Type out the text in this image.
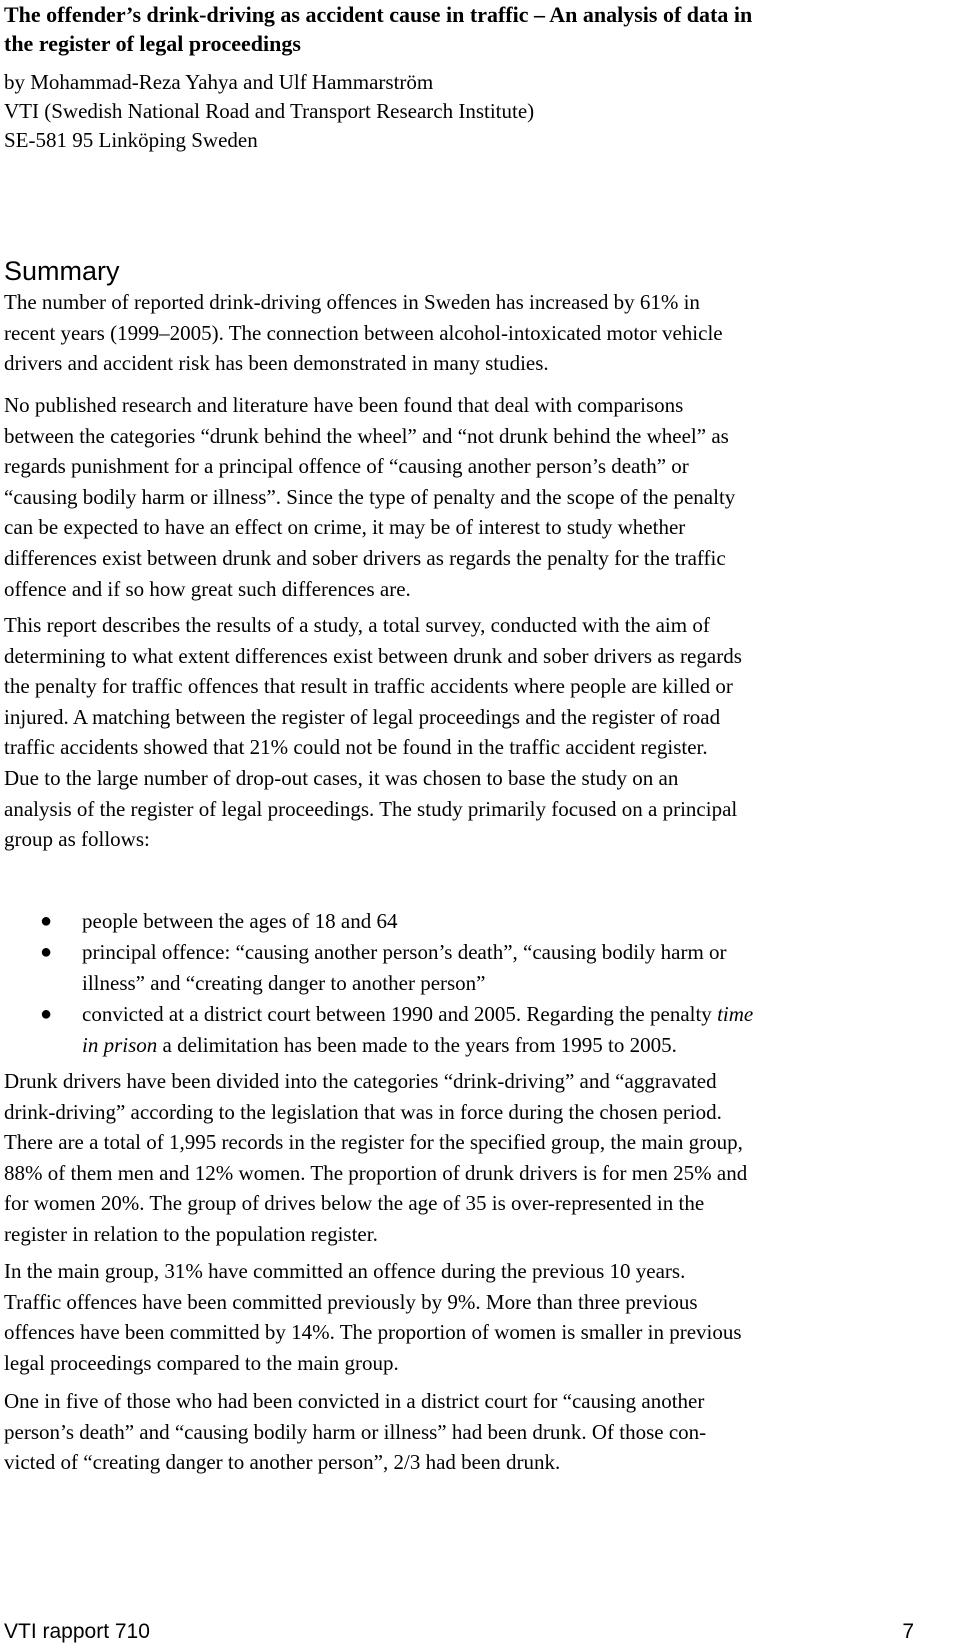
The offender’s drink-driving as accident cause in traffic – An analysis of data in
the register of legal proceedings
by Mohammad-Reza Yahya and Ulf Hammarström
VTI (Swedish National Road and Transport Research Institute)
SE-581 95 Linköping Sweden
Summary

The number of reported drink-driving offences in Sweden has increased by 61% in
recent years (1999–2005). The connection between alcohol-intoxicated motor vehicle
drivers and accident risk has been demonstrated in many studies.

No published research and literature have been found that deal with comparisons
between the categories “drunk behind the wheel” and “not drunk behind the wheel” as
regards punishment for a principal offence of “causing another person’s death” or
“causing bodily harm or illness”. Since the type of penalty and the scope of the penalty
can be expected to have an effect on crime, it may be of interest to study whether
differences exist between drunk and sober drivers as regards the penalty for the traffic
offence and if so how great such differences are.

This report describes the results of a study, a total survey, conducted with the aim of
determining to what extent differences exist between drunk and sober drivers as regards
the penalty for traffic offences that result in traffic accidents where people are killed or
injured. A matching between the register of legal proceedings and the register of road
traffic accidents showed that 21% could not be found in the traffic accident register.
Due to the large number of drop-out cases, it was chosen to base the study on an
analysis of the register of legal proceedings. The study primarily focused on a principal
group as follows:

● people between the ages of 18 and 64
● principal offence: “causing another person’s death”, “causing bodily harm or
illness” and “creating danger to another person”
● convicted at a district court between 1990 and 2005. Regarding the penalty time
in prison a delimitation has been made to the years from 1995 to 2005.

Drunk drivers have been divided into the categories “drink-driving” and “aggravated
drink-driving” according to the legislation that was in force during the chosen period.
There are a total of 1,995 records in the register for the specified group, the main group,
88% of them men and 12% women. The proportion of drunk drivers is for men 25% and
for women 20%. The group of drives below the age of 35 is over-represented in the
register in relation to the population register.

In the main group, 31% have committed an offence during the previous 10 years.
Traffic offences have been committed previously by 9%. More than three previous
offences have been committed by 14%. The proportion of women is smaller in previous
legal proceedings compared to the main group.

One in five of those who had been convicted in a district court for “causing another
person’s death” and “causing bodily harm or illness” had been drunk. Of those con-
victed of “creating danger to another person”, 2/3 had been drunk.

VTI rapport 710	7
